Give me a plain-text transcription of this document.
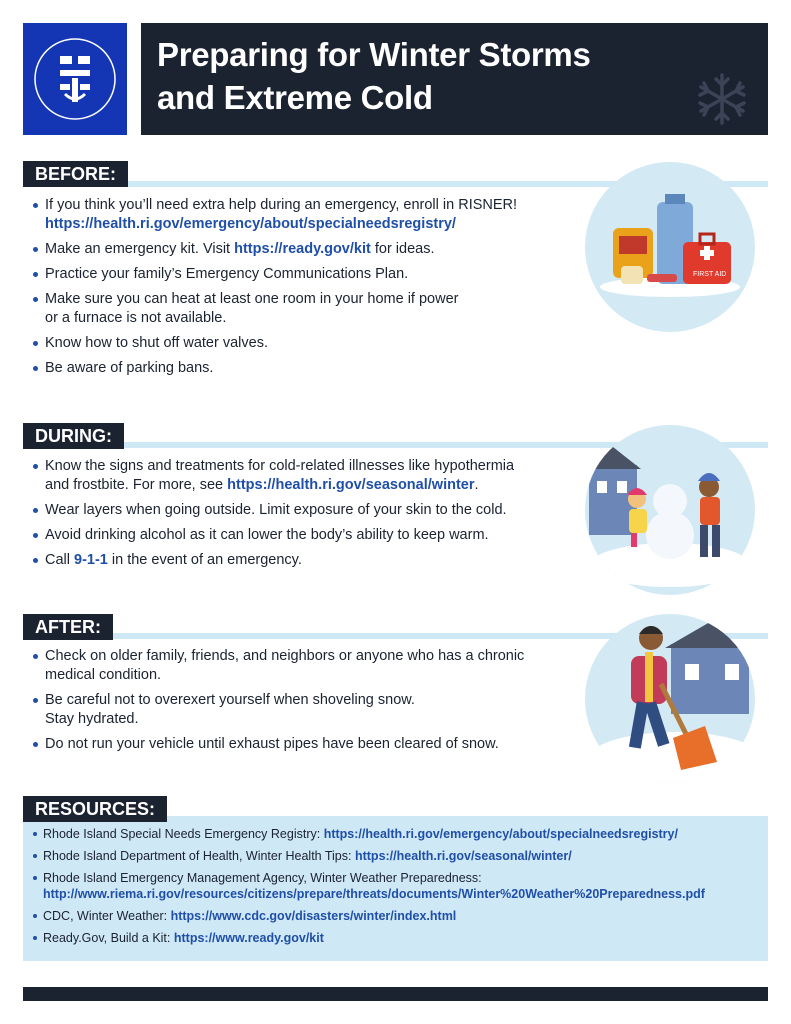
Preparing for Winter Storms
and Extreme Cold
BEFORE:
If you think you’ll need extra help during an emergency, enroll in RISNER!
https://health.ri.gov/emergency/about/specialneedsregistry/
Make an emergency kit. Visit https://ready.gov/kit for ideas.
Practice your family’s Emergency Communications Plan.
Make sure you can heat at least one room in your home if power
or a furnace is not available.
Know how to shut off water valves.
Be aware of parking bans.
FIRST AID
DURING:
Know the signs and treatments for cold-related illnesses like hypothermia
and frostbite. For more, see https://health.ri.gov/seasonal/winter.
Wear layers when going outside. Limit exposure of your skin to the cold.
Avoid drinking alcohol as it can lower the body’s ability to keep warm.
Call 9-1-1 in the event of an emergency.
AFTER:
Check on older family, friends, and neighbors or anyone who has a chronic
medical condition.
Be careful not to overexert yourself when shoveling snow.
Stay hydrated.
Do not run your vehicle until exhaust pipes have been cleared of snow.
Rhode Island Special Needs Emergency Registry: https://health.ri.gov/emergency/about/specialneedsregistry/
Rhode Island Department of Health, Winter Health Tips: https://health.ri.gov/seasonal/winter/
Rhode Island Emergency Management Agency, Winter Weather Preparedness:
http://www.riema.ri.gov/resources/citizens/prepare/threats/documents/Winter%20Weather%20Preparedness.pdf
CDC, Winter Weather: https://www.cdc.gov/disasters/winter/index.html
Ready.Gov, Build a Kit: https://www.ready.gov/kit
RESOURCES:
